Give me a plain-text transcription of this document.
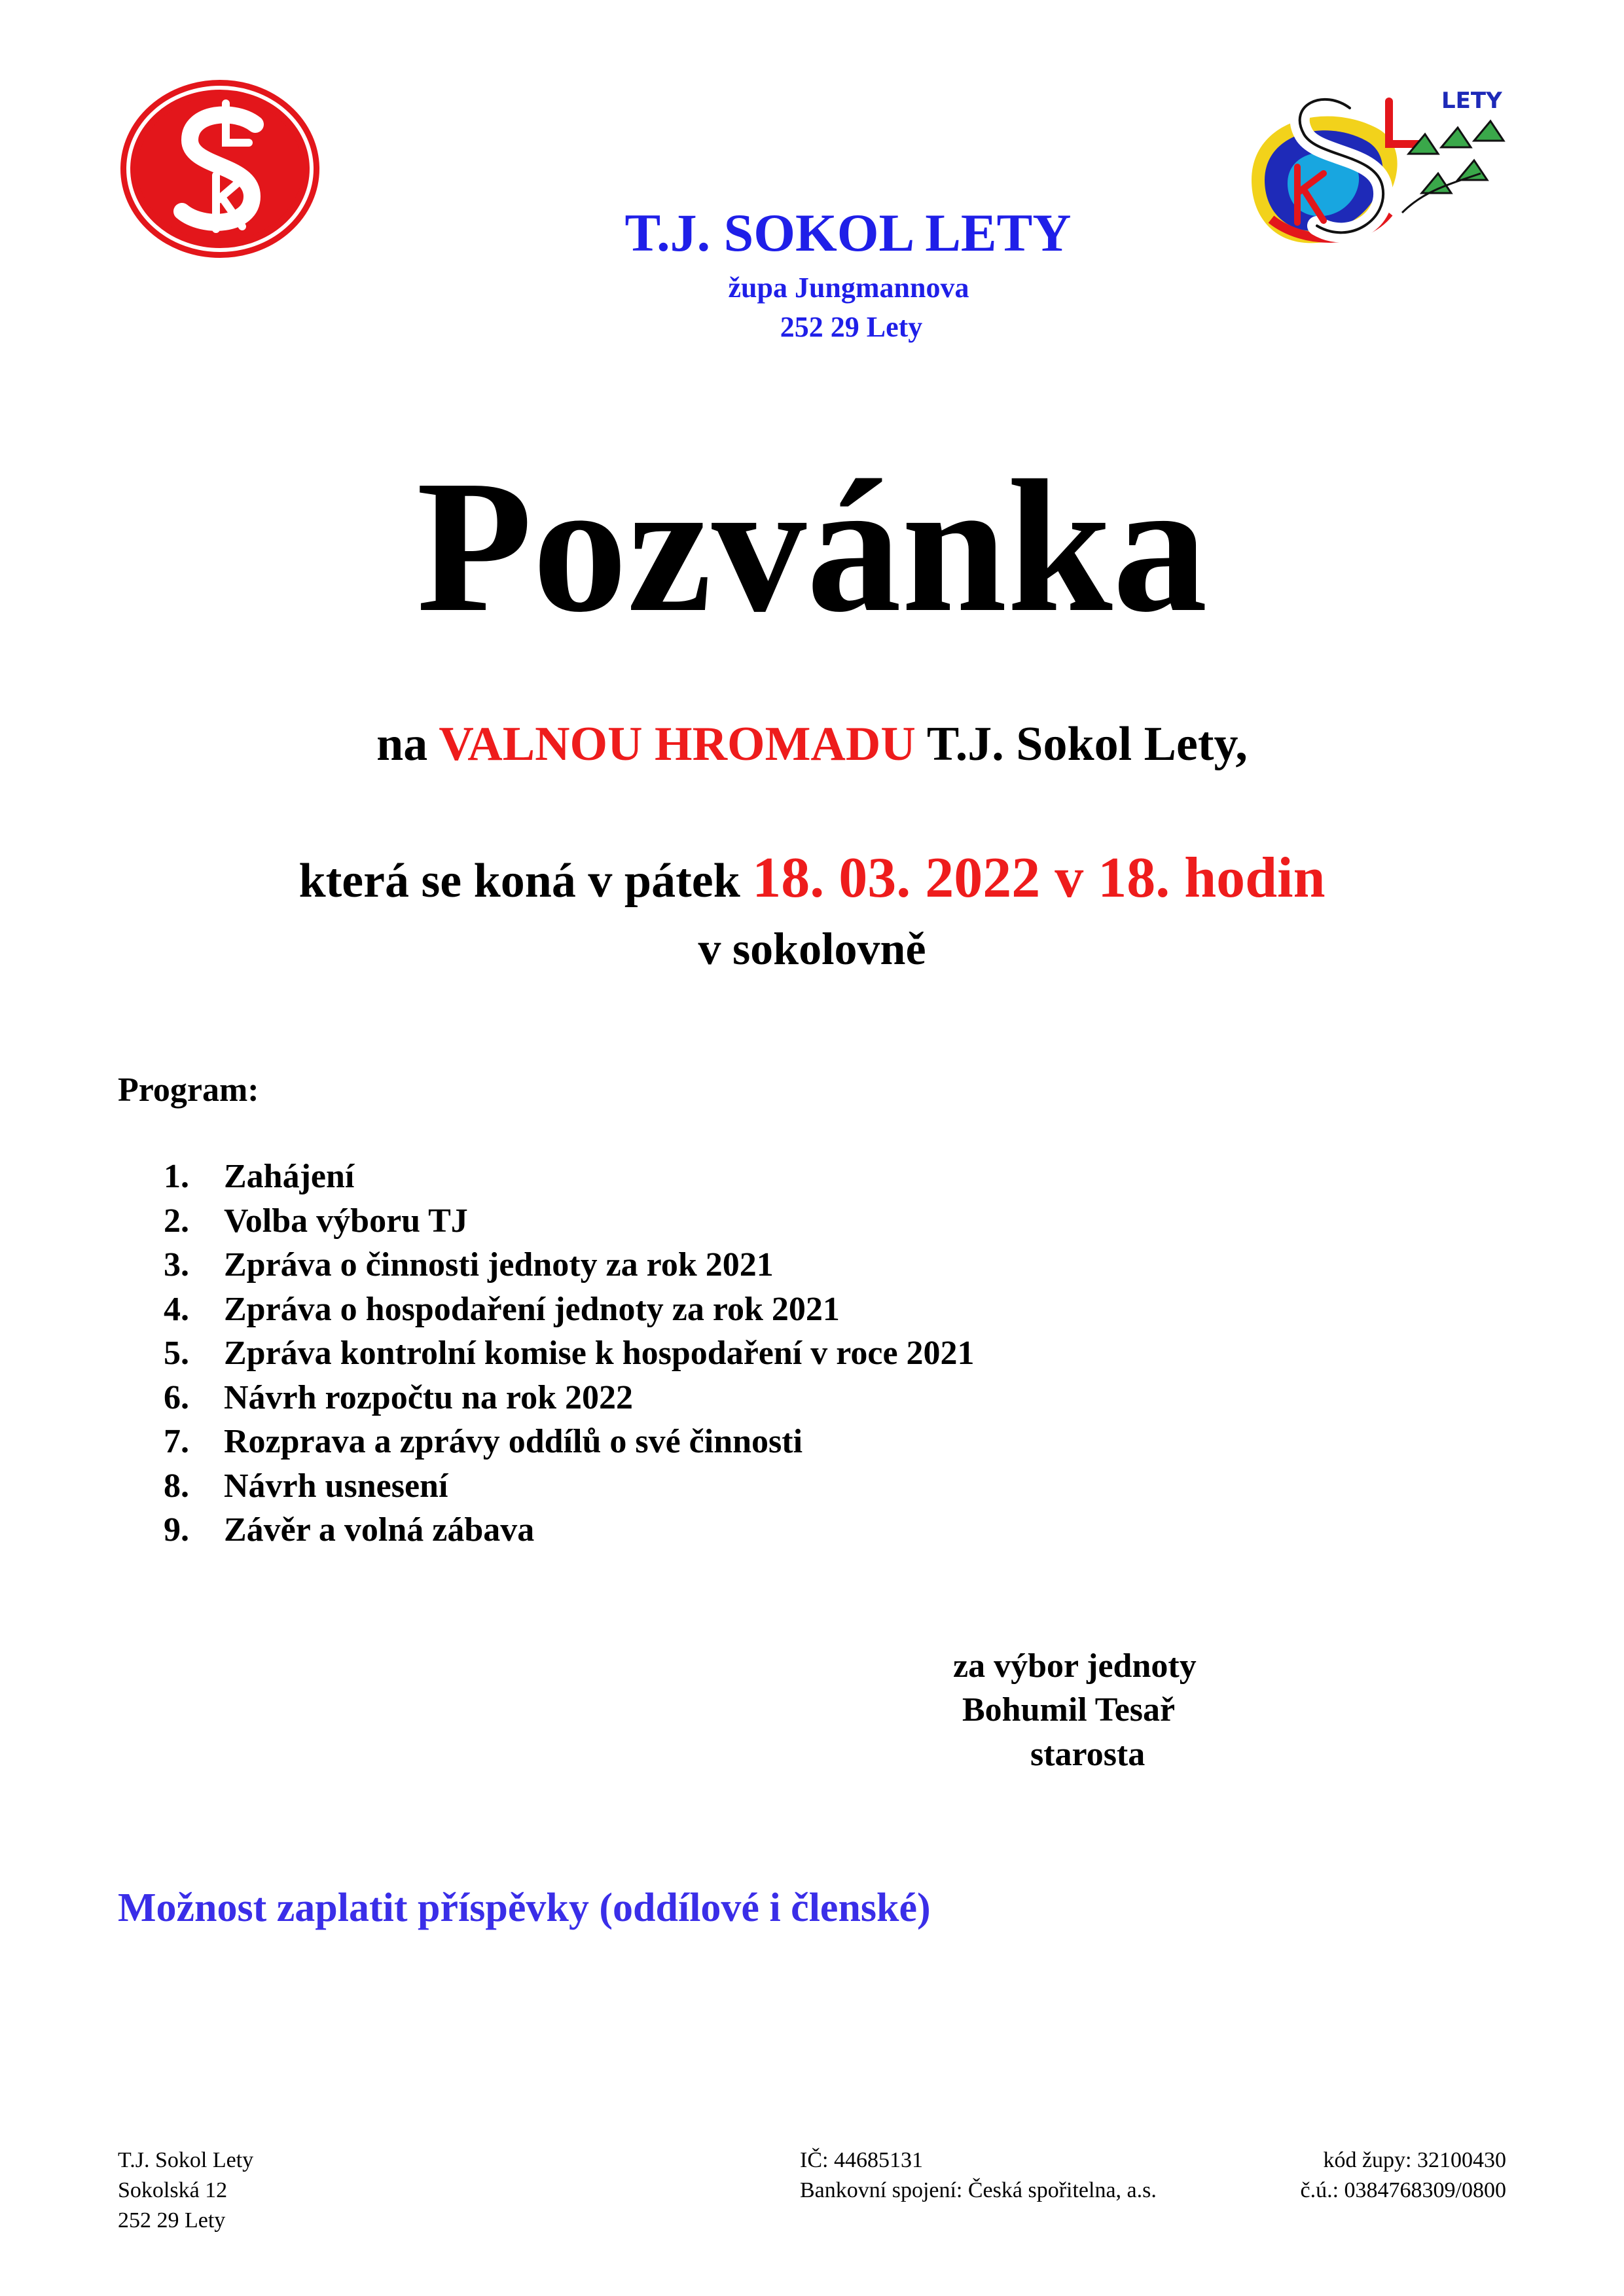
LETY
T.J. SOKOL LETY
župa Jungmannova
252 29 Lety
Pozvánka
na VALNOU HROMADU T.J. Sokol Lety,
která se koná v pátek 18. 03. 2022 v 18. hodin
v sokolovně
Program:
1. Zahájení
2. Volba výboru TJ
3. Zpráva o činnosti jednoty za rok 2021
4. Zpráva o hospodaření jednoty za rok 2021
5. Zpráva kontrolní komise k hospodaření v roce 2021
6. Návrh rozpočtu na rok 2022
7. Rozprava a zprávy oddílů o své činnosti
8. Návrh usnesení
9. Závěr a volná zábava
za výbor jednoty
Bohumil Tesař
starosta
Možnost zaplatit příspěvky (oddílové i členské)
T.J. Sokol Lety
Sokolská 12
252 29 Lety
IČ: 44685131
Bankovní spojení: Česká spořitelna, a.s.
kód župy: 32100430
č.ú.: 0384768309/0800
